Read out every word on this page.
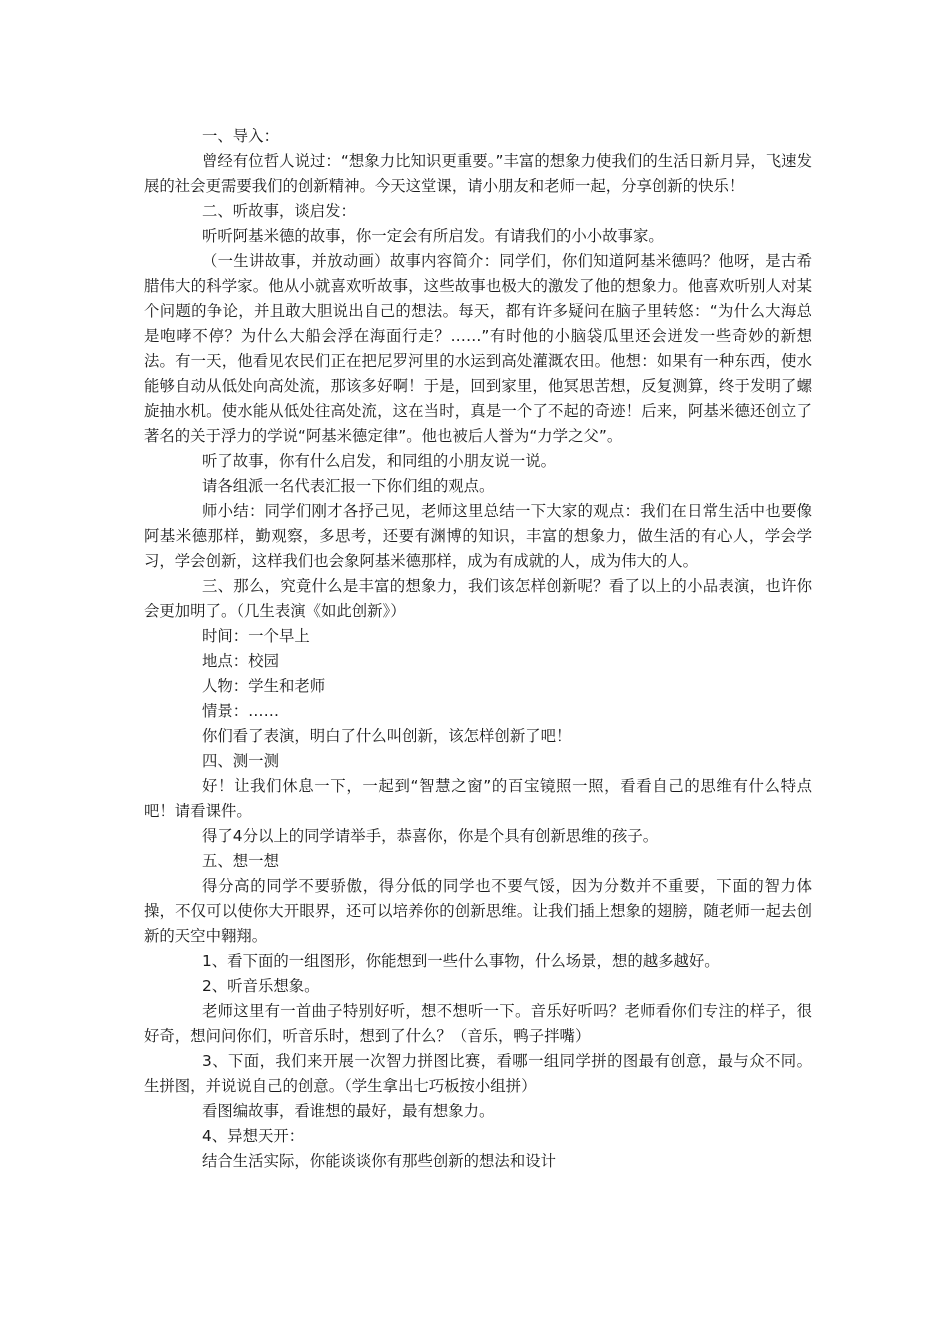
一、导入：

曾经有位哲人说过：“想象力比知识更重要。”丰富的想象力使我们的生活日新月异，飞速发展的社会更需要我们的创新精神。今天这堂课，请小朋友和老师一起，分享创新的快乐！

二、听故事，谈启发：

听听阿基米德的故事，你一定会有所启发。有请我们的小小故事家。

（一生讲故事，并放动画）故事内容简介：同学们，你们知道阿基米德吗？他呀，是古希腊伟大的科学家。他从小就喜欢听故事，这些故事也极大的激发了他的想象力。他喜欢听别人对某个问题的争论，并且敢大胆说出自己的想法。每天，都有许多疑问在脑子里转悠：“为什么大海总是咆哮不停？为什么大船会浮在海面行走？……”有时他的小脑袋瓜里还会迸发一些奇妙的新想法。有一天，他看见农民们正在把尼罗河里的水运到高处灌溉农田。他想：如果有一种东西，使水能够自动从低处向高处流，那该多好啊！于是，回到家里，他冥思苦想，反复测算，终于发明了螺旋抽水机。使水能从低处往高处流，这在当时，真是一个了不起的奇迹！后来，阿基米德还创立了著名的关于浮力的学说“阿基米德定律”。他也被后人誉为“力学之父”。

听了故事，你有什么启发，和同组的小朋友说一说。

请各组派一名代表汇报一下你们组的观点。

师小结：同学们刚才各抒己见，老师这里总结一下大家的观点：我们在日常生活中也要像阿基米德那样，勤观察，多思考，还要有渊博的知识，丰富的想象力，做生活的有心人，学会学习，学会创新，这样我们也会象阿基米德那样，成为有成就的人，成为伟大的人。

三、那么，究竟什么是丰富的想象力，我们该怎样创新呢？看了以上的小品表演，也许你会更加明了。（几生表演《如此创新》）

时间：一个早上

地点：校园

人物：学生和老师

情景：……

你们看了表演，明白了什么叫创新，该怎样创新了吧！

四、测一测

好！让我们休息一下，一起到“智慧之窗”的百宝镜照一照，看看自己的思维有什么特点吧！请看课件。

得了4分以上的同学请举手，恭喜你，你是个具有创新思维的孩子。

五、想一想

得分高的同学不要骄傲，得分低的同学也不要气馁，因为分数并不重要，下面的智力体操，不仅可以使你大开眼界，还可以培养你的创新思维。让我们插上想象的翅膀，随老师一起去创新的天空中翱翔。

1、看下面的一组图形，你能想到一些什么事物，什么场景，想的越多越好。

2、听音乐想象。

老师这里有一首曲子特别好听，想不想听一下。音乐好听吗？老师看你们专注的样子，很好奇，想问问你们，听音乐时，想到了什么？（音乐，鸭子拌嘴）

3、下面，我们来开展一次智力拼图比赛，看哪一组同学拼的图最有创意，最与众不同。生拼图，并说说自己的创意。（学生拿出七巧板按小组拼）

看图编故事，看谁想的最好，最有想象力。

4、异想天开：

结合生活实际，你能谈谈你有那些创新的想法和设计
